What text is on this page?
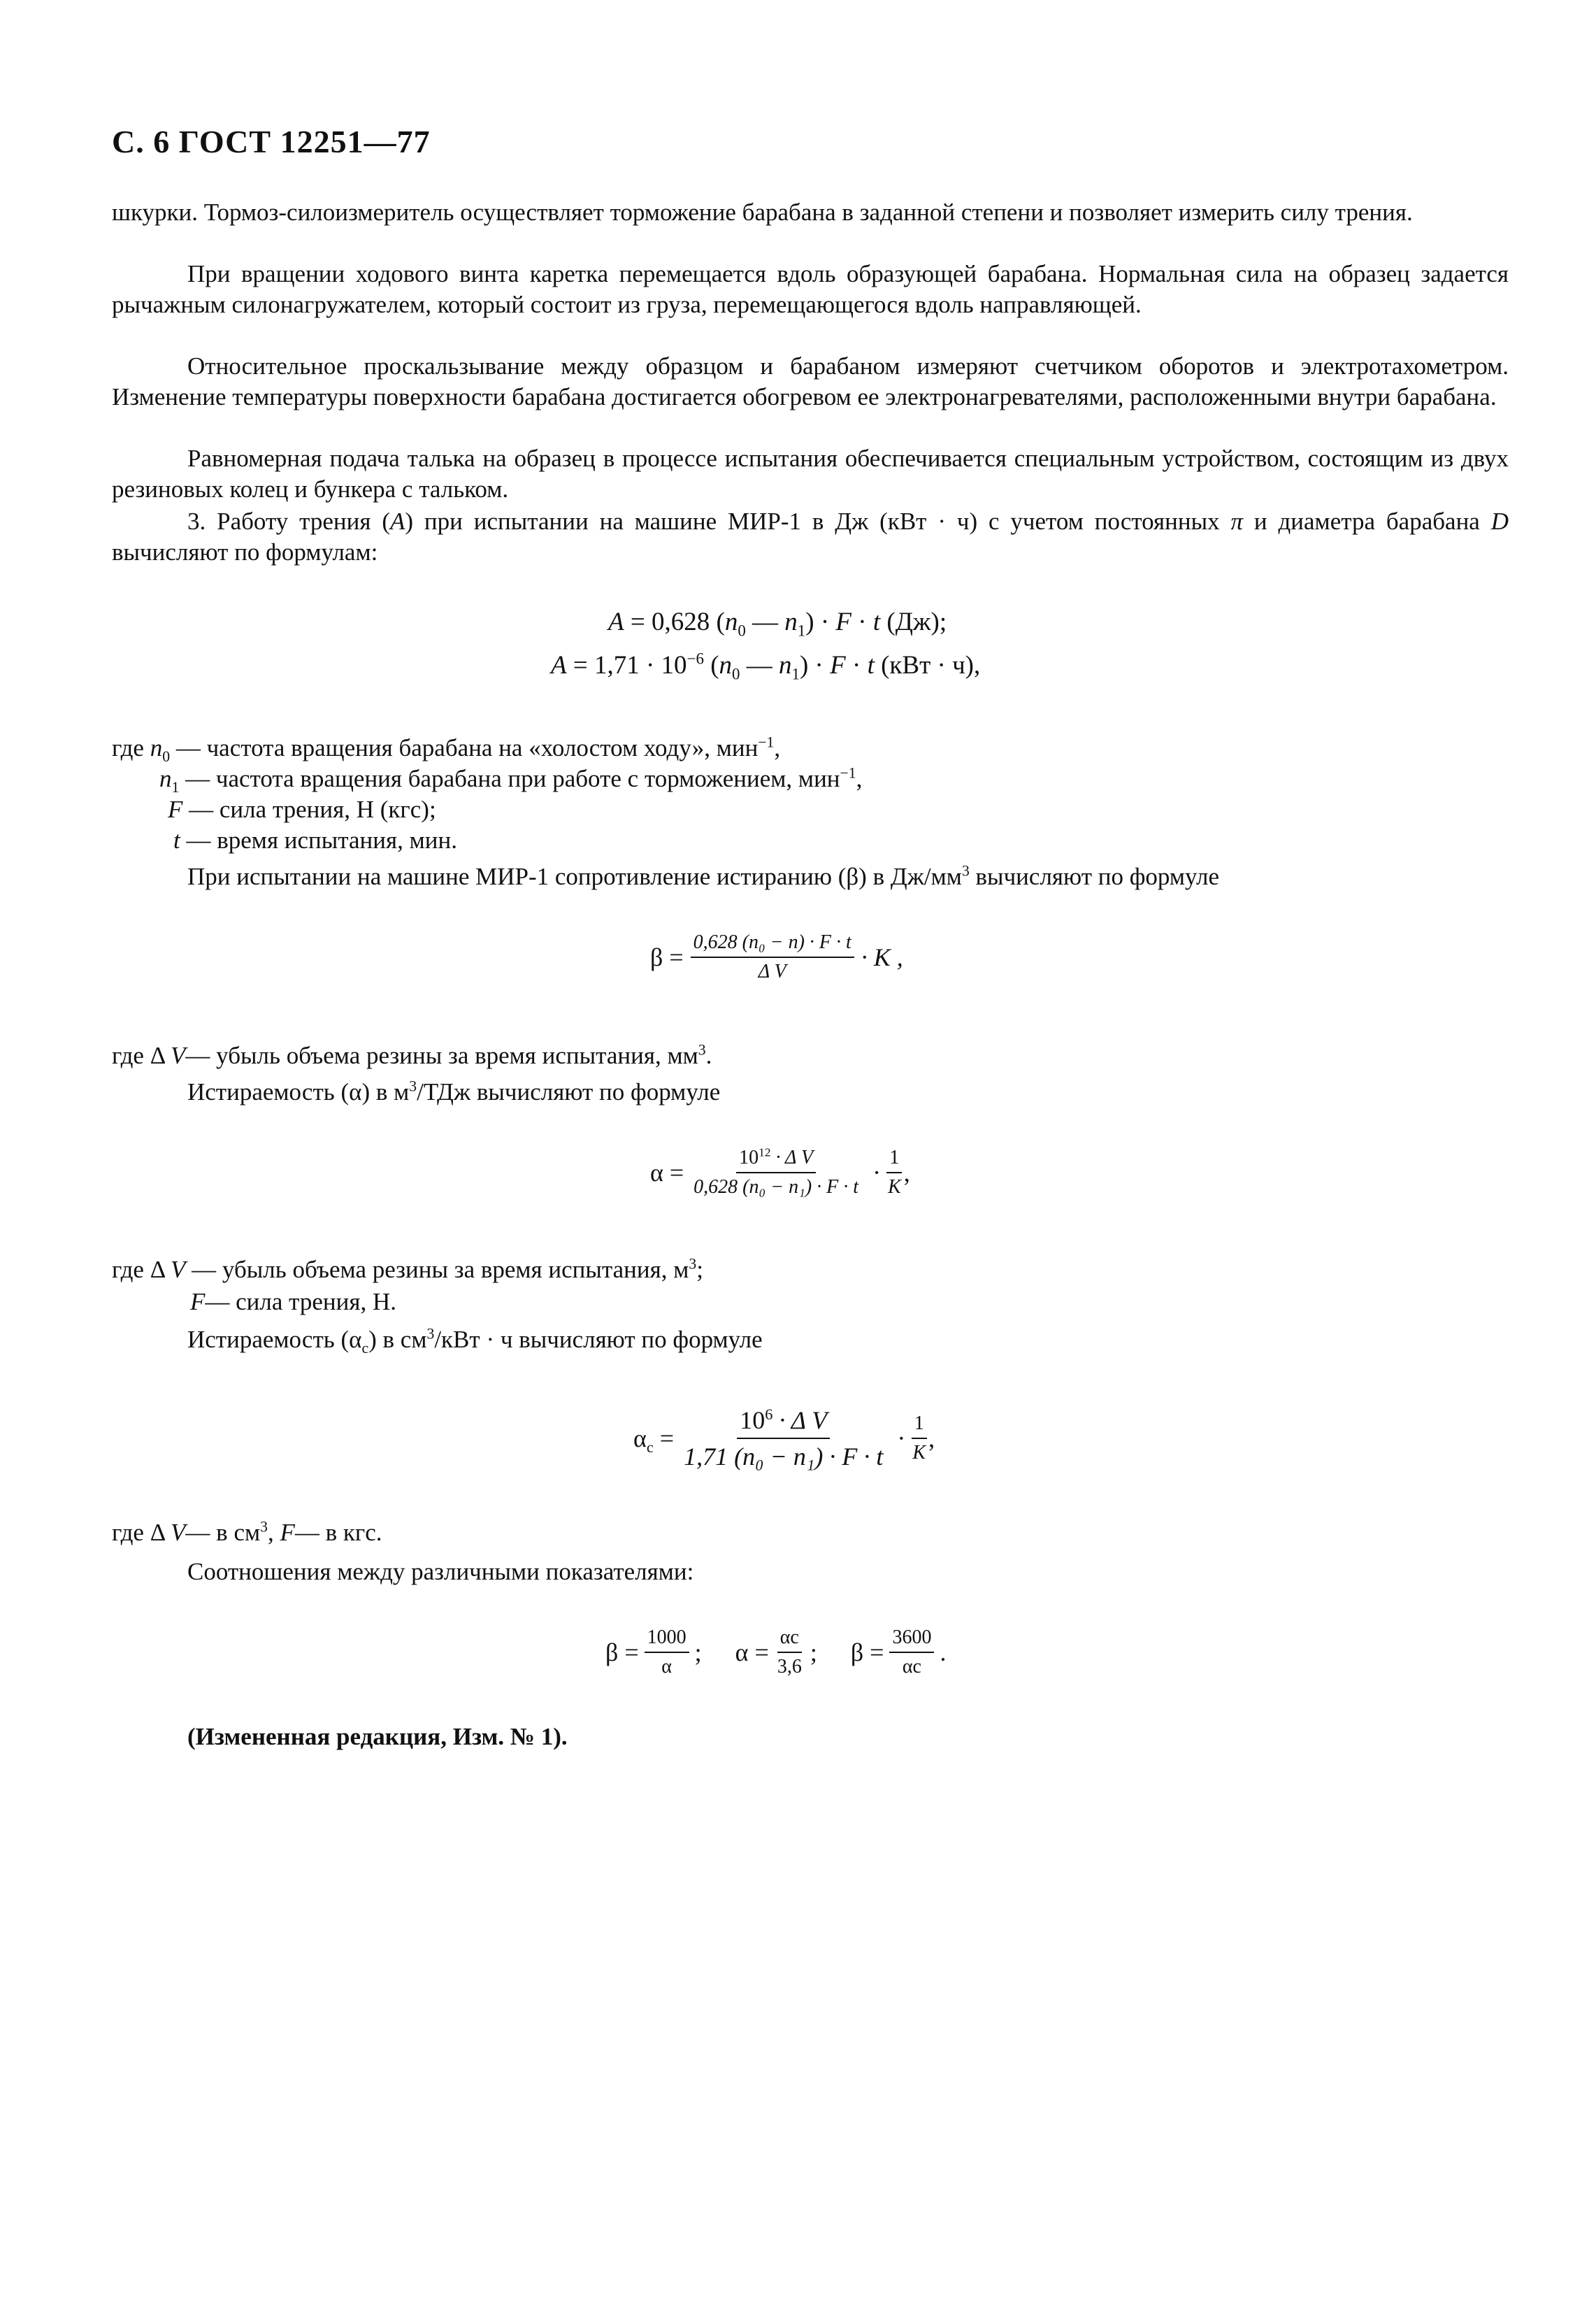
С. 6 ГОСТ 12251—77

шкурки. Тормоз-силоизмеритель осуществляет торможение барабана в заданной степени и позволяет измерить силу трения.

При вращении ходового винта каретка перемещается вдоль образующей барабана. Нормальная сила на образец задается рычажным силонагружателем, который состоит из груза, перемещающегося вдоль направляющей.

Относительное проскальзывание между образцом и барабаном измеряют счетчиком оборотов и электротахометром. Изменение температуры поверхности барабана достигается обогревом ее электронагревателями, расположенными внутри барабана.

Равномерная подача талька на образец в процессе испытания обеспечивается специальным устройством, состоящим из двух резиновых колец и бункера с тальком.

3. Работу трения (A) при испытании на машине МИР-1 в Дж (кВт · ч) с учетом постоянных π и диаметра барабана D вычисляют по формулам:

A = 0,628 ($n_0$ — $n_1) \cdot F \cdot t$ (Дж);
$A = 1,71 \cdot 10^{-6}$ ($n_0$ — $n_1) \cdot F \cdot t$ (кВт · ч),
где $n_0$ — частота вращения барабана на «холостом ходу», мин$^{-1}$,
$n_1$ — частота вращения барабана при работе с торможением, мин$^{-1}$,
F — сила трения, Н (кгс);
t — время испытания, мин.
При испытании на машине МИР-1 сопротивление истиранию (β) в $Дж/мм^3$ вычисляют по формуле
$\beta = \frac{\text{0,628 (n₀ − n) · F · t}}{\text{Δ V}} \cdot K$ ,
где Δ V— убыль объема резины за время испытания, $мм^3$.
Истираемость (α) в $м^3$/ТДж вычисляют по формуле
$\alpha = \frac{10^{12} \cdot \Delta V}{\text{0,628 (n₀ − n₁) · F · t}} \cdot \frac{1}{K}$ ,
где Δ V — убыль объема резины за время испытания, $м^3$;
F— сила трения, Н.
Истираемость $(\alpha_c)$ в $см^3$/кВт · ч вычисляют по формуле
$\alpha_c = \frac{10^6 \cdot \Delta V}{\text{1,71 (n₀ − n₁) · F · t}} \cdot \frac{1}{K}$ ,
где Δ V— в $см^3$, F— в кгс.
Соотношения между различными показателями:
$\beta = \frac{1000}{\alpha}$ ; $\alpha = \frac{\alpha c}{3,6}$ ; $\beta = \frac{3600}{\alpha c}$ .
(Измененная редакция, Изм. № 1).
